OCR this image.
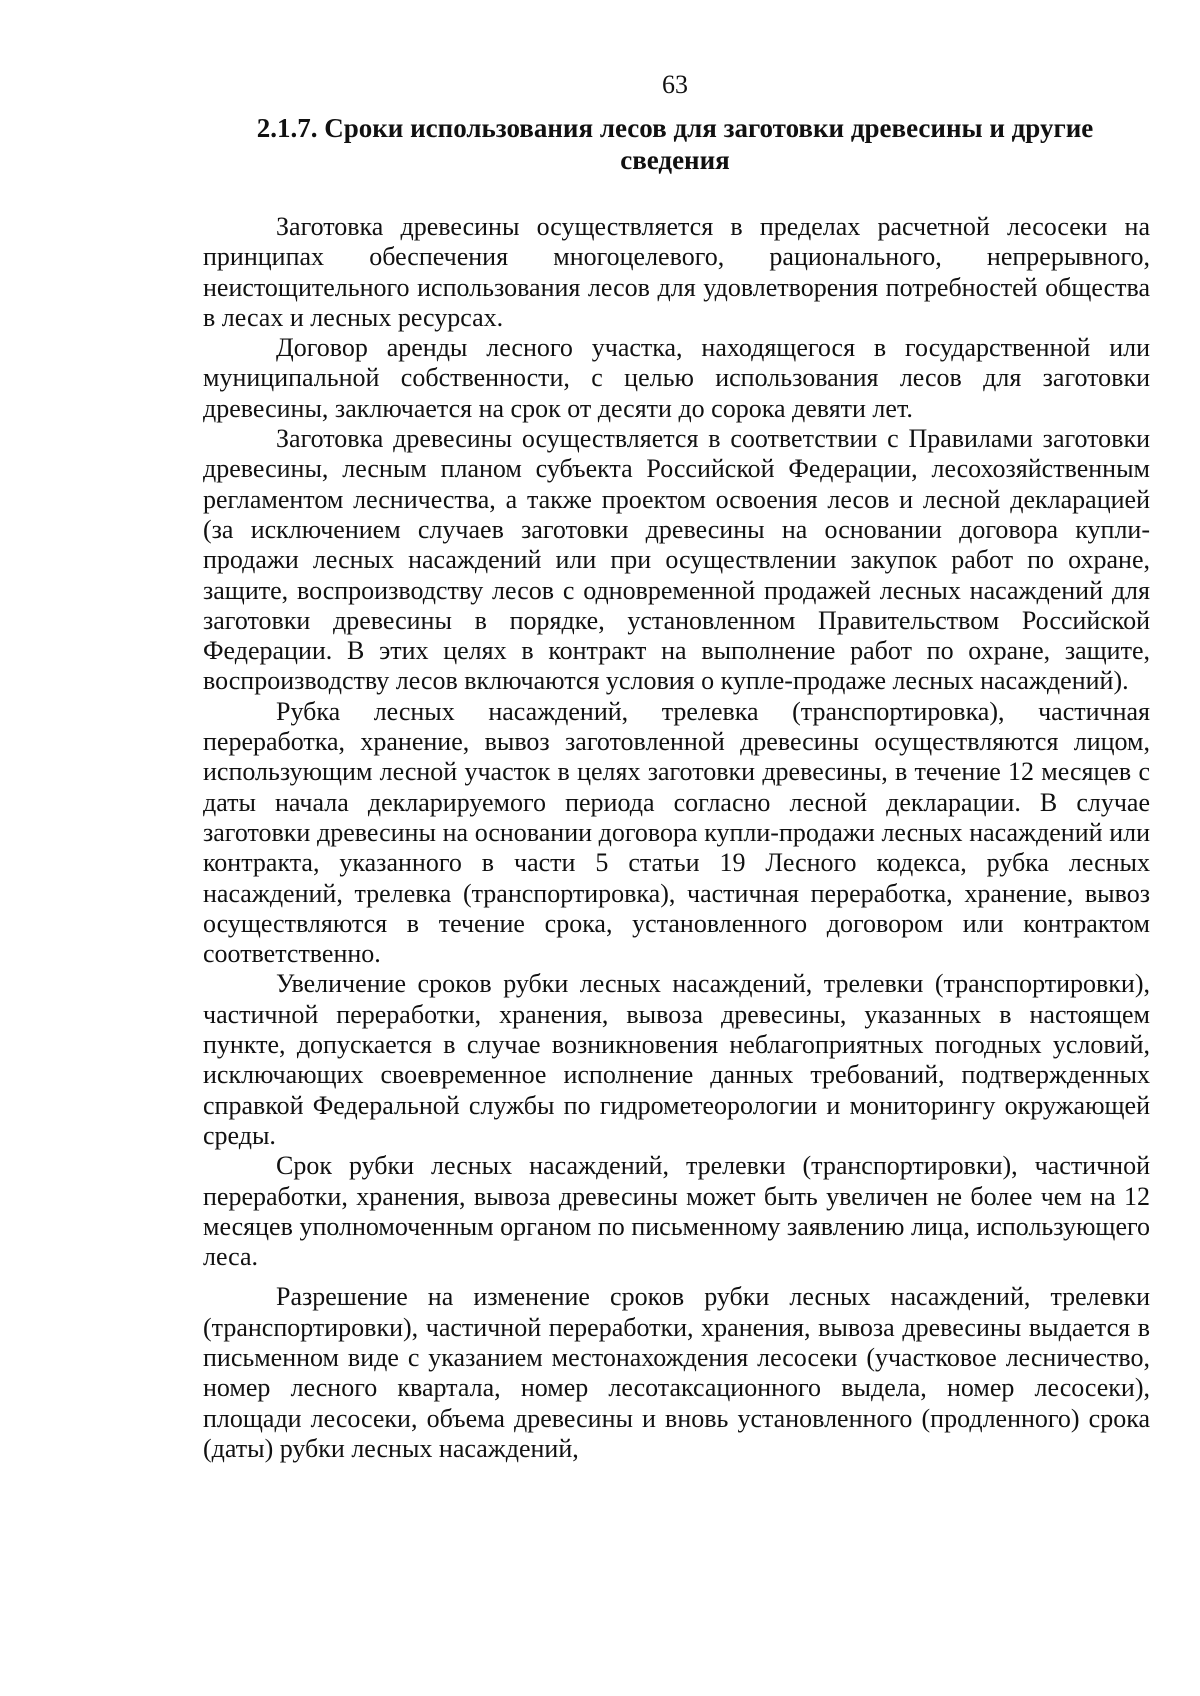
63
2.1.7. Сроки использования лесов для заготовки древесины и другие сведения

Заготовка древесины осуществляется в пределах расчетной лесосеки на принципах обеспечения многоцелевого, рационального, непрерывного, неистощительного использования лесов для удовлетворения потребностей общества в лесах и лесных ресурсах.

Договор аренды лесного участка, находящегося в государственной или муниципальной собственности, с целью использования лесов для заготовки древесины, заключается на срок от десяти до сорока девяти лет.

Заготовка древесины осуществляется в соответствии с Правилами заготовки древесины, лесным планом субъекта Российской Федерации, лесохозяйственным регламентом лесничества, а также проектом освоения лесов и лесной декларацией (за исключением случаев заготовки древесины на основании договора купли-продажи лесных насаждений или при осуществлении закупок работ по охране, защите, воспроизводству лесов с одновременной продажей лесных насаждений для заготовки древесины в порядке, установленном Правительством Российской Федерации. В этих целях в контракт на выполнение работ по охране, защите, воспроизводству лесов включаются условия о купле-продаже лесных насаждений).

Рубка лесных насаждений, трелевка (транспортировка), частичная переработка, хранение, вывоз заготовленной древесины осуществляются лицом, использующим лесной участок в целях заготовки древесины, в течение 12 месяцев с даты начала декларируемого периода согласно лесной декларации. В случае заготовки древесины на основании договора купли-продажи лесных насаждений или контракта, указанного в части 5 статьи 19 Лесного кодекса, рубка лесных насаждений, трелевка (транспортировка), частичная переработка, хранение, вывоз осуществляются в течение срока, установленного договором или контрактом соответственно.

Увеличение сроков рубки лесных насаждений, трелевки (транспортировки), частичной переработки, хранения, вывоза древесины, указанных в настоящем пункте, допускается в случае возникновения неблагоприятных погодных условий, исключающих своевременное исполнение данных требований, подтвержденных справкой Федеральной службы по гидрометеорологии и мониторингу окружающей среды.

Срок рубки лесных насаждений, трелевки (транспортировки), частичной переработки, хранения, вывоза древесины может быть увеличен не более чем на 12 месяцев уполномоченным органом по письменному заявлению лица, использующего леса.

Разрешение на изменение сроков рубки лесных насаждений, трелевки (транспортировки), частичной переработки, хранения, вывоза древесины выдается в письменном виде с указанием местонахождения лесосеки (участковое лесничество, номер лесного квартала, номер лесотаксационного выдела, номер лесосеки), площади лесосеки, объема древесины и вновь установленного (продленного) срока (даты) рубки лесных насаждений,
